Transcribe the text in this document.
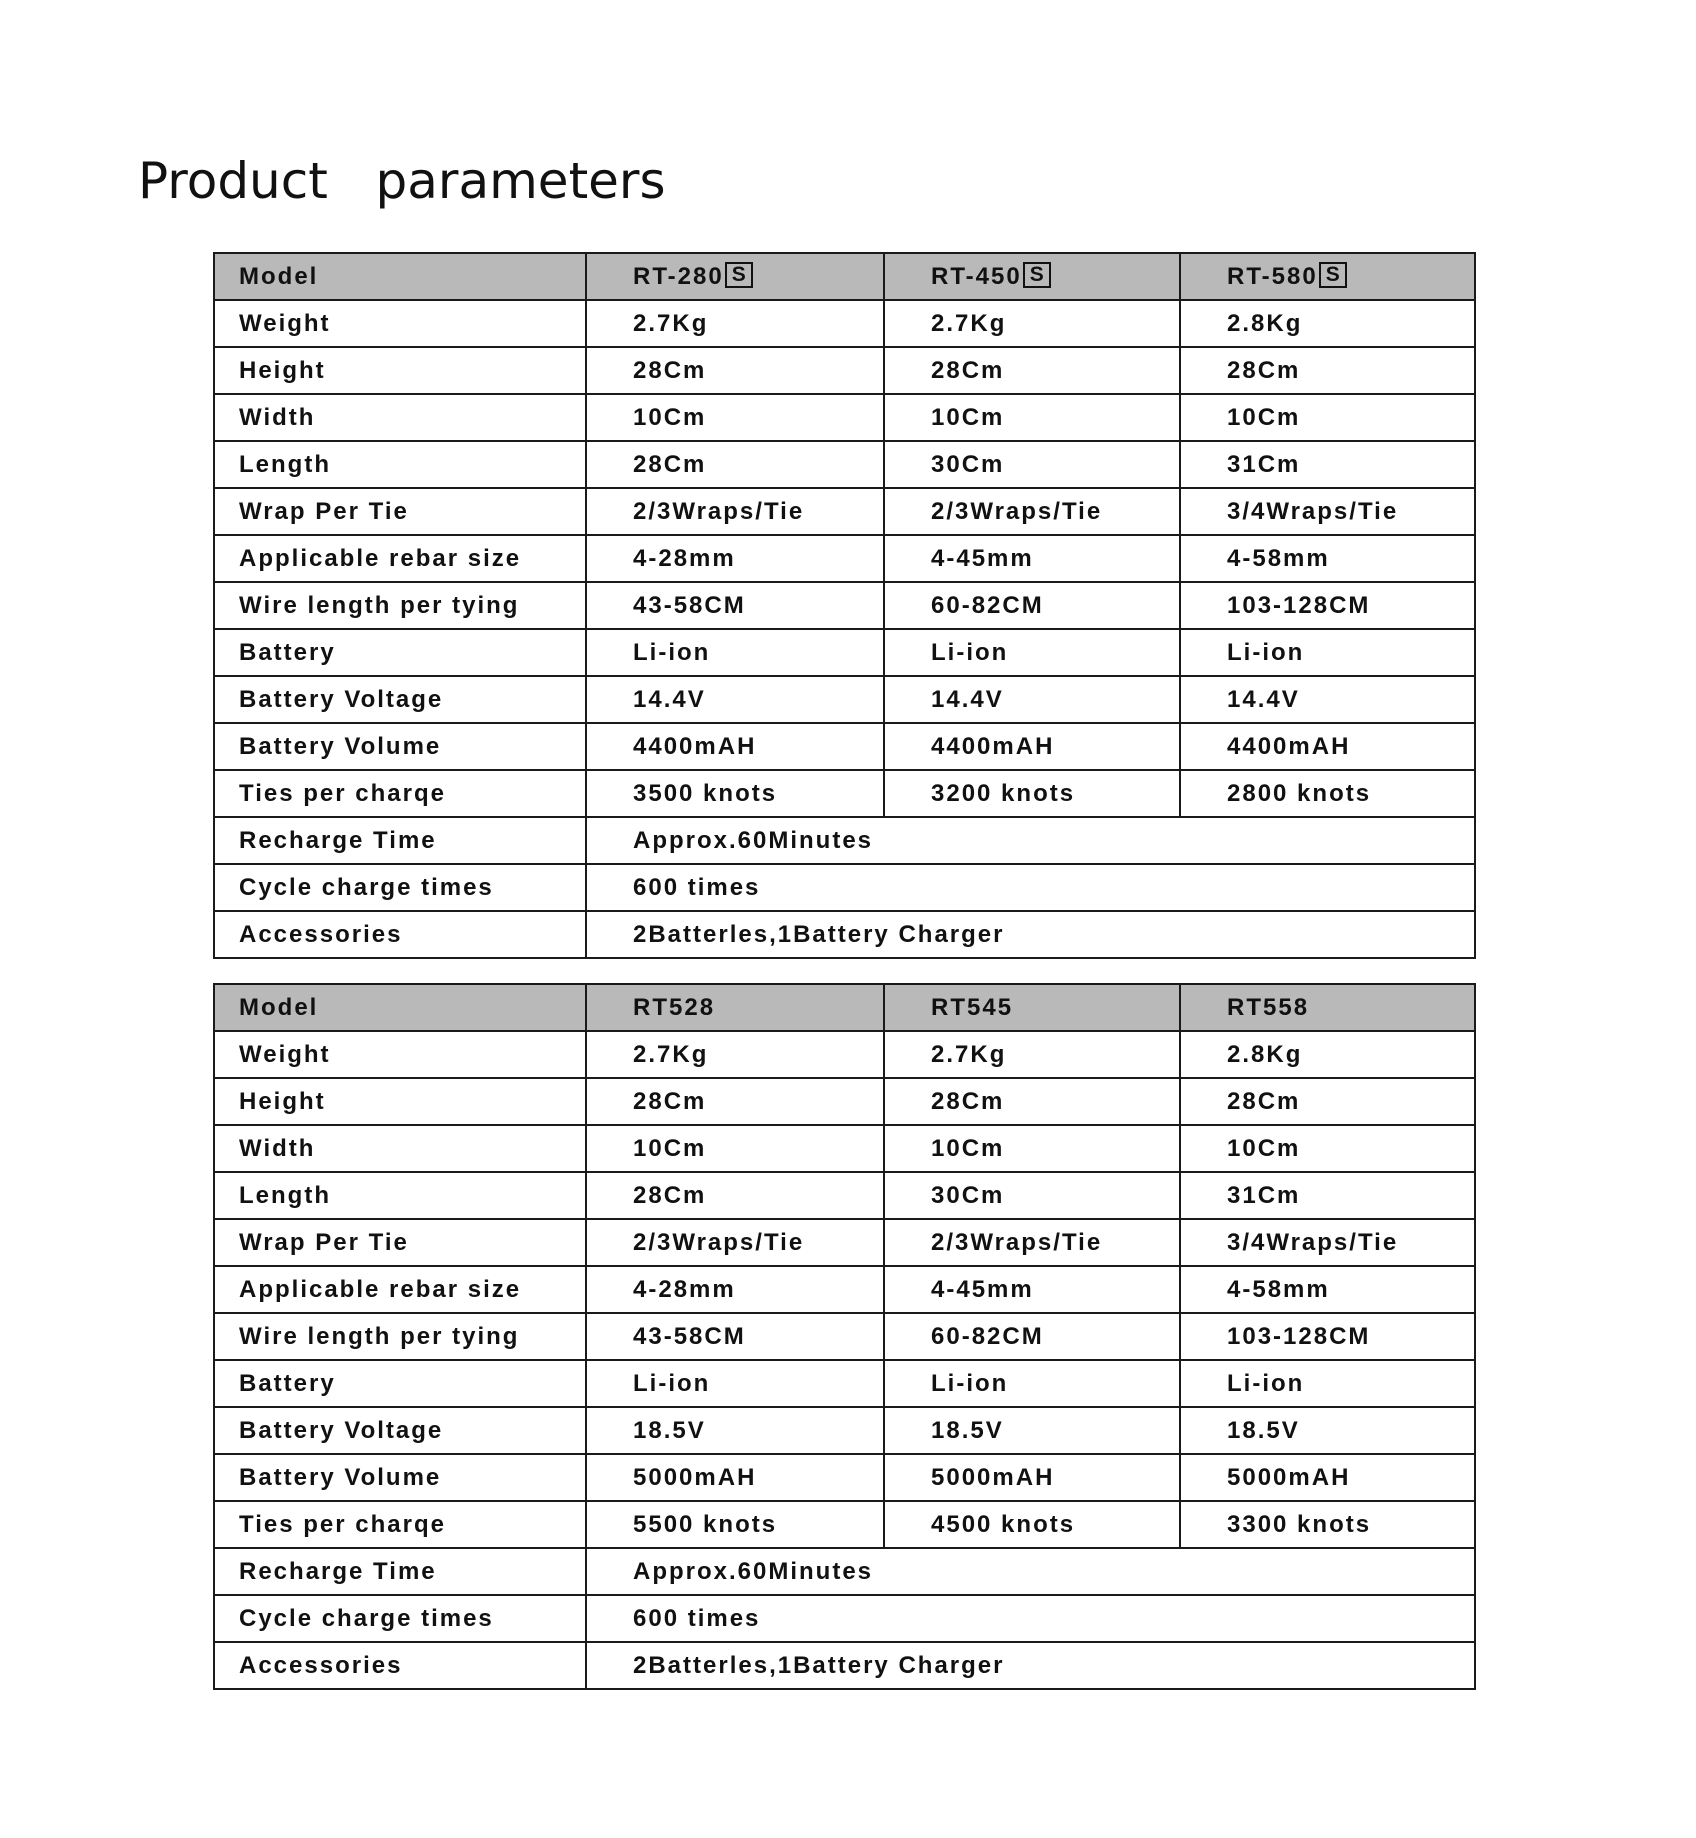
Product   parameters
Model	RT-280 S	RT-450 S	RT-580 S
Weight	2.7Kg	2.7Kg	2.8Kg
Height	28Cm	28Cm	28Cm
Width	10Cm	10Cm	10Cm
Length	28Cm	30Cm	31Cm
Wrap Per Tie	2/3Wraps/Tie	2/3Wraps/Tie	3/4Wraps/Tie
Applicable rebar size	4-28mm	4-45mm	4-58mm
Wire length per tying	43-58CM	60-82CM	103-128CM
Battery	Li-ion	Li-ion	Li-ion
Battery Voltage	14.4V	14.4V	14.4V
Battery Volume	4400mAH	4400mAH	4400mAH
Ties per charqe	3500 knots	3200 knots	2800 knots
Recharge Time	Approx.60Minutes		
Cycle charge times	600 times		
Accessories	2Batterles,1Battery Charger		
Model	RT528	RT545	RT558
Weight	2.7Kg	2.7Kg	2.8Kg
Height	28Cm	28Cm	28Cm
Width	10Cm	10Cm	10Cm
Length	28Cm	30Cm	31Cm
Wrap Per Tie	2/3Wraps/Tie	2/3Wraps/Tie	3/4Wraps/Tie
Applicable rebar size	4-28mm	4-45mm	4-58mm
Wire length per tying	43-58CM	60-82CM	103-128CM
Battery	Li-ion	Li-ion	Li-ion
Battery Voltage	18.5V	18.5V	18.5V
Battery Volume	5000mAH	5000mAH	5000mAH
Ties per charqe	5500 knots	4500 knots	3300 knots
Recharge Time	Approx.60Minutes		
Cycle charge times	600 times		
Accessories	2Batterles,1Battery Charger		
